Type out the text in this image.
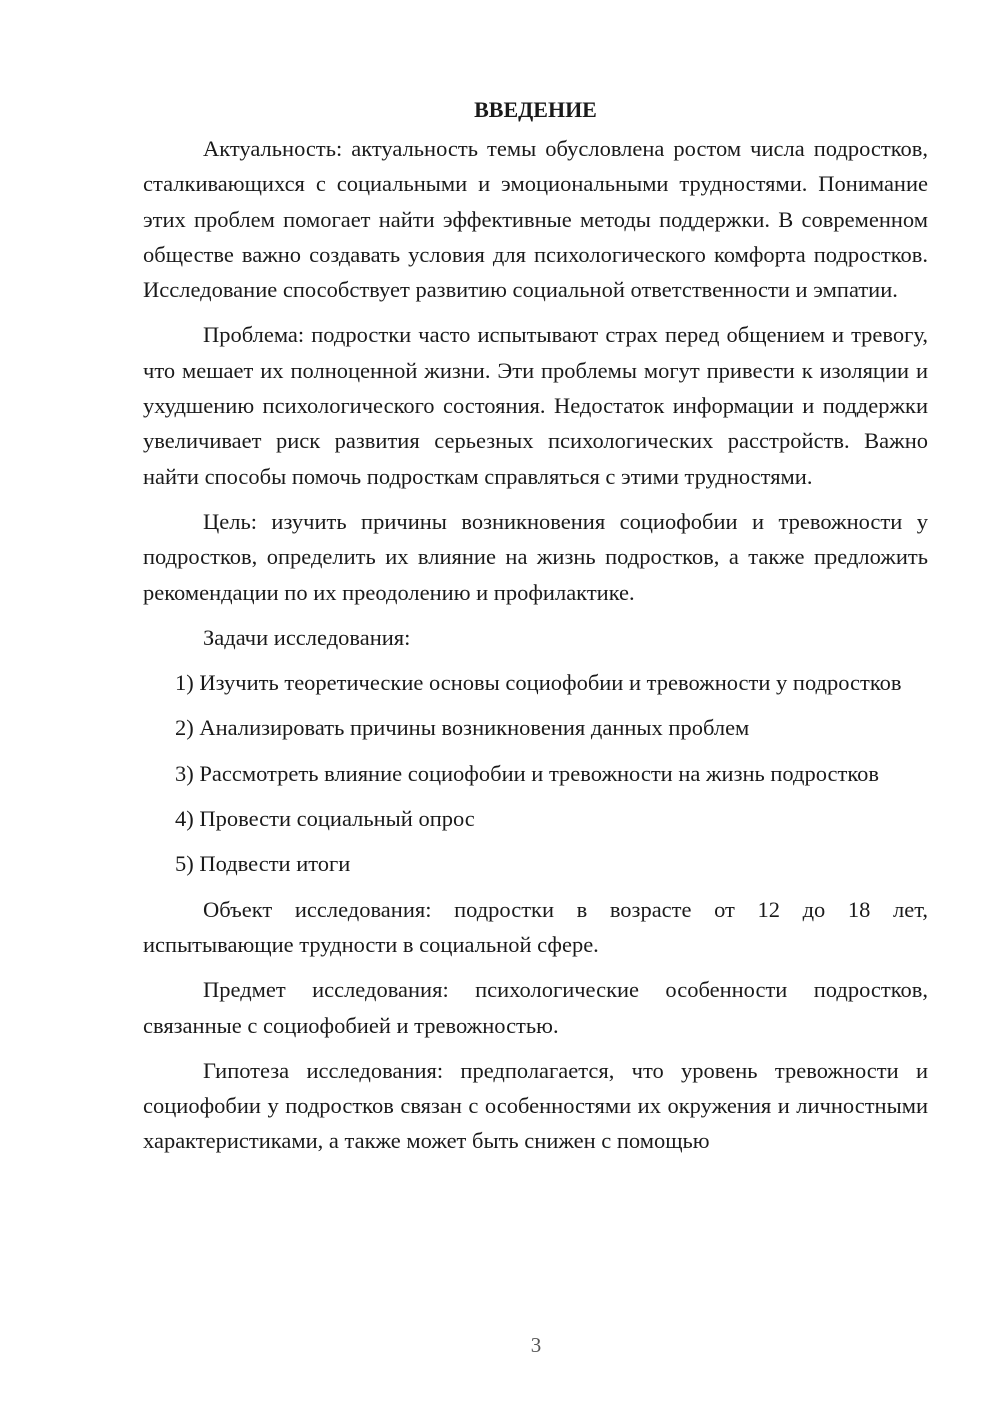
ВВЕДЕНИЕ

Актуальность: актуальность темы обусловлена ростом числа подростков, сталкивающихся с социальными и эмоциональными трудностями. Понимание этих проблем помогает найти эффективные методы поддержки. В современном обществе важно создавать условия для психологического комфорта подростков. Исследование способствует развитию социальной ответственности и эмпатии.

Проблема: подростки часто испытывают страх перед общением и тревогу, что мешает их полноценной жизни. Эти проблемы могут привести к изоляции и ухудшению психологического состояния. Недостаток информации и поддержки увеличивает риск развития серьезных психологических расстройств. Важно найти способы помочь подросткам справляться с этими трудностями.

Цель: изучить причины возникновения социофобии и тревожности у подростков, определить их влияние на жизнь подростков, а также предложить рекомендации по их преодолению и профилактике.

Задачи исследования:

1) Изучить теоретические основы социофобии и тревожности у подростков

2) Анализировать причины возникновения данных проблем

3) Рассмотреть влияние социофобии и тревожности на жизнь подростков

4) Провести социальный опрос

5) Подвести итоги

Объект исследования: подростки в возрасте от 12 до 18 лет, испытывающие трудности в социальной сфере.

Предмет исследования: психологические особенности подростков, связанные с социофобией и тревожностью.

Гипотеза исследования: предполагается, что уровень тревожности и социофобии у подростков связан с особенностями их окружения и личностными характеристиками, а также может быть снижен с помощью

3
